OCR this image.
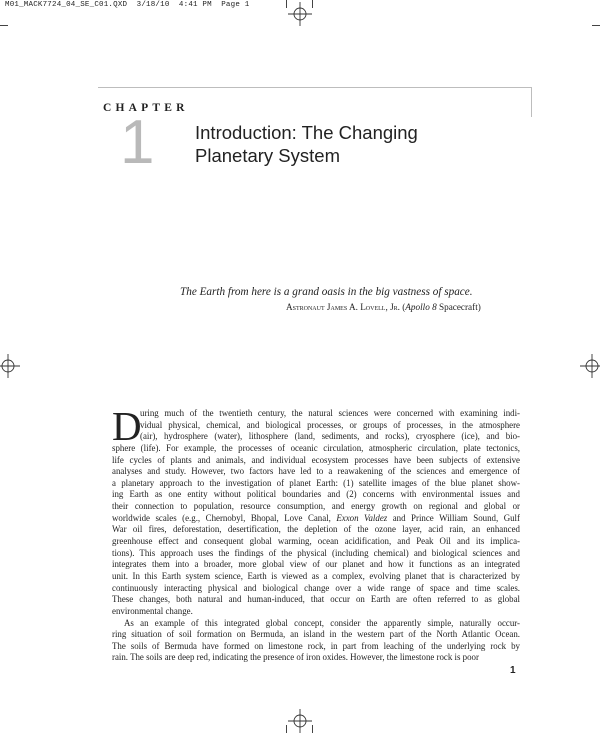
M01_MACK7724_04_SE_C01.QXD  3/18/10  4:41 PM  Page 1
CHAPTER
1 Introduction: The Changing
Planetary System
The Earth from here is a grand oasis in the big vastness of space.
Astronaut James A. Lovell, Jr. (Apollo 8 Spacecraft)
D
uring much of the twentieth century, the natural sciences were concerned with examining indi-
vidual physical, chemical, and biological processes, or groups of processes, in the atmosphere
(air), hydrosphere (water), lithosphere (land, sediments, and rocks), cryosphere (ice), and bio-
sphere (life). For example, the processes of oceanic circulation, atmospheric circulation, plate tectonics,
life cycles of plants and animals, and individual ecosystem processes have been subjects of extensive
analyses and study. However, two factors have led to a reawakening of the sciences and emergence of
a planetary approach to the investigation of planet Earth: (1) satellite images of the blue planet show-
ing Earth as one entity without political boundaries and (2) concerns with environmental issues and
their connection to population, resource consumption, and energy growth on regional and global or
worldwide scales (e.g., Chernobyl, Bhopal, Love Canal, Exxon Valdez and Prince William Sound, Gulf
War oil fires, deforestation, desertification, the depletion of the ozone layer, acid rain, an enhanced
greenhouse effect and consequent global warming, ocean acidification, and Peak Oil and its implica-
tions). This approach uses the findings of the physical (including chemical) and biological sciences and
integrates them into a broader, more global view of our planet and how it functions as an integrated
unit. In this Earth system science, Earth is viewed as a complex, evolving planet that is characterized by
continuously interacting physical and biological change over a wide range of space and time scales.
These changes, both natural and human-induced, that occur on Earth are often referred to as global
environmental change.
As an example of this integrated global concept, consider the apparently simple, naturally occur-
ring situation of soil formation on Bermuda, an island in the western part of the North Atlantic Ocean.
The soils of Bermuda have formed on limestone rock, in part from leaching of the underlying rock by
rain. The soils are deep red, indicating the presence of iron oxides. However, the limestone rock is poor
1
